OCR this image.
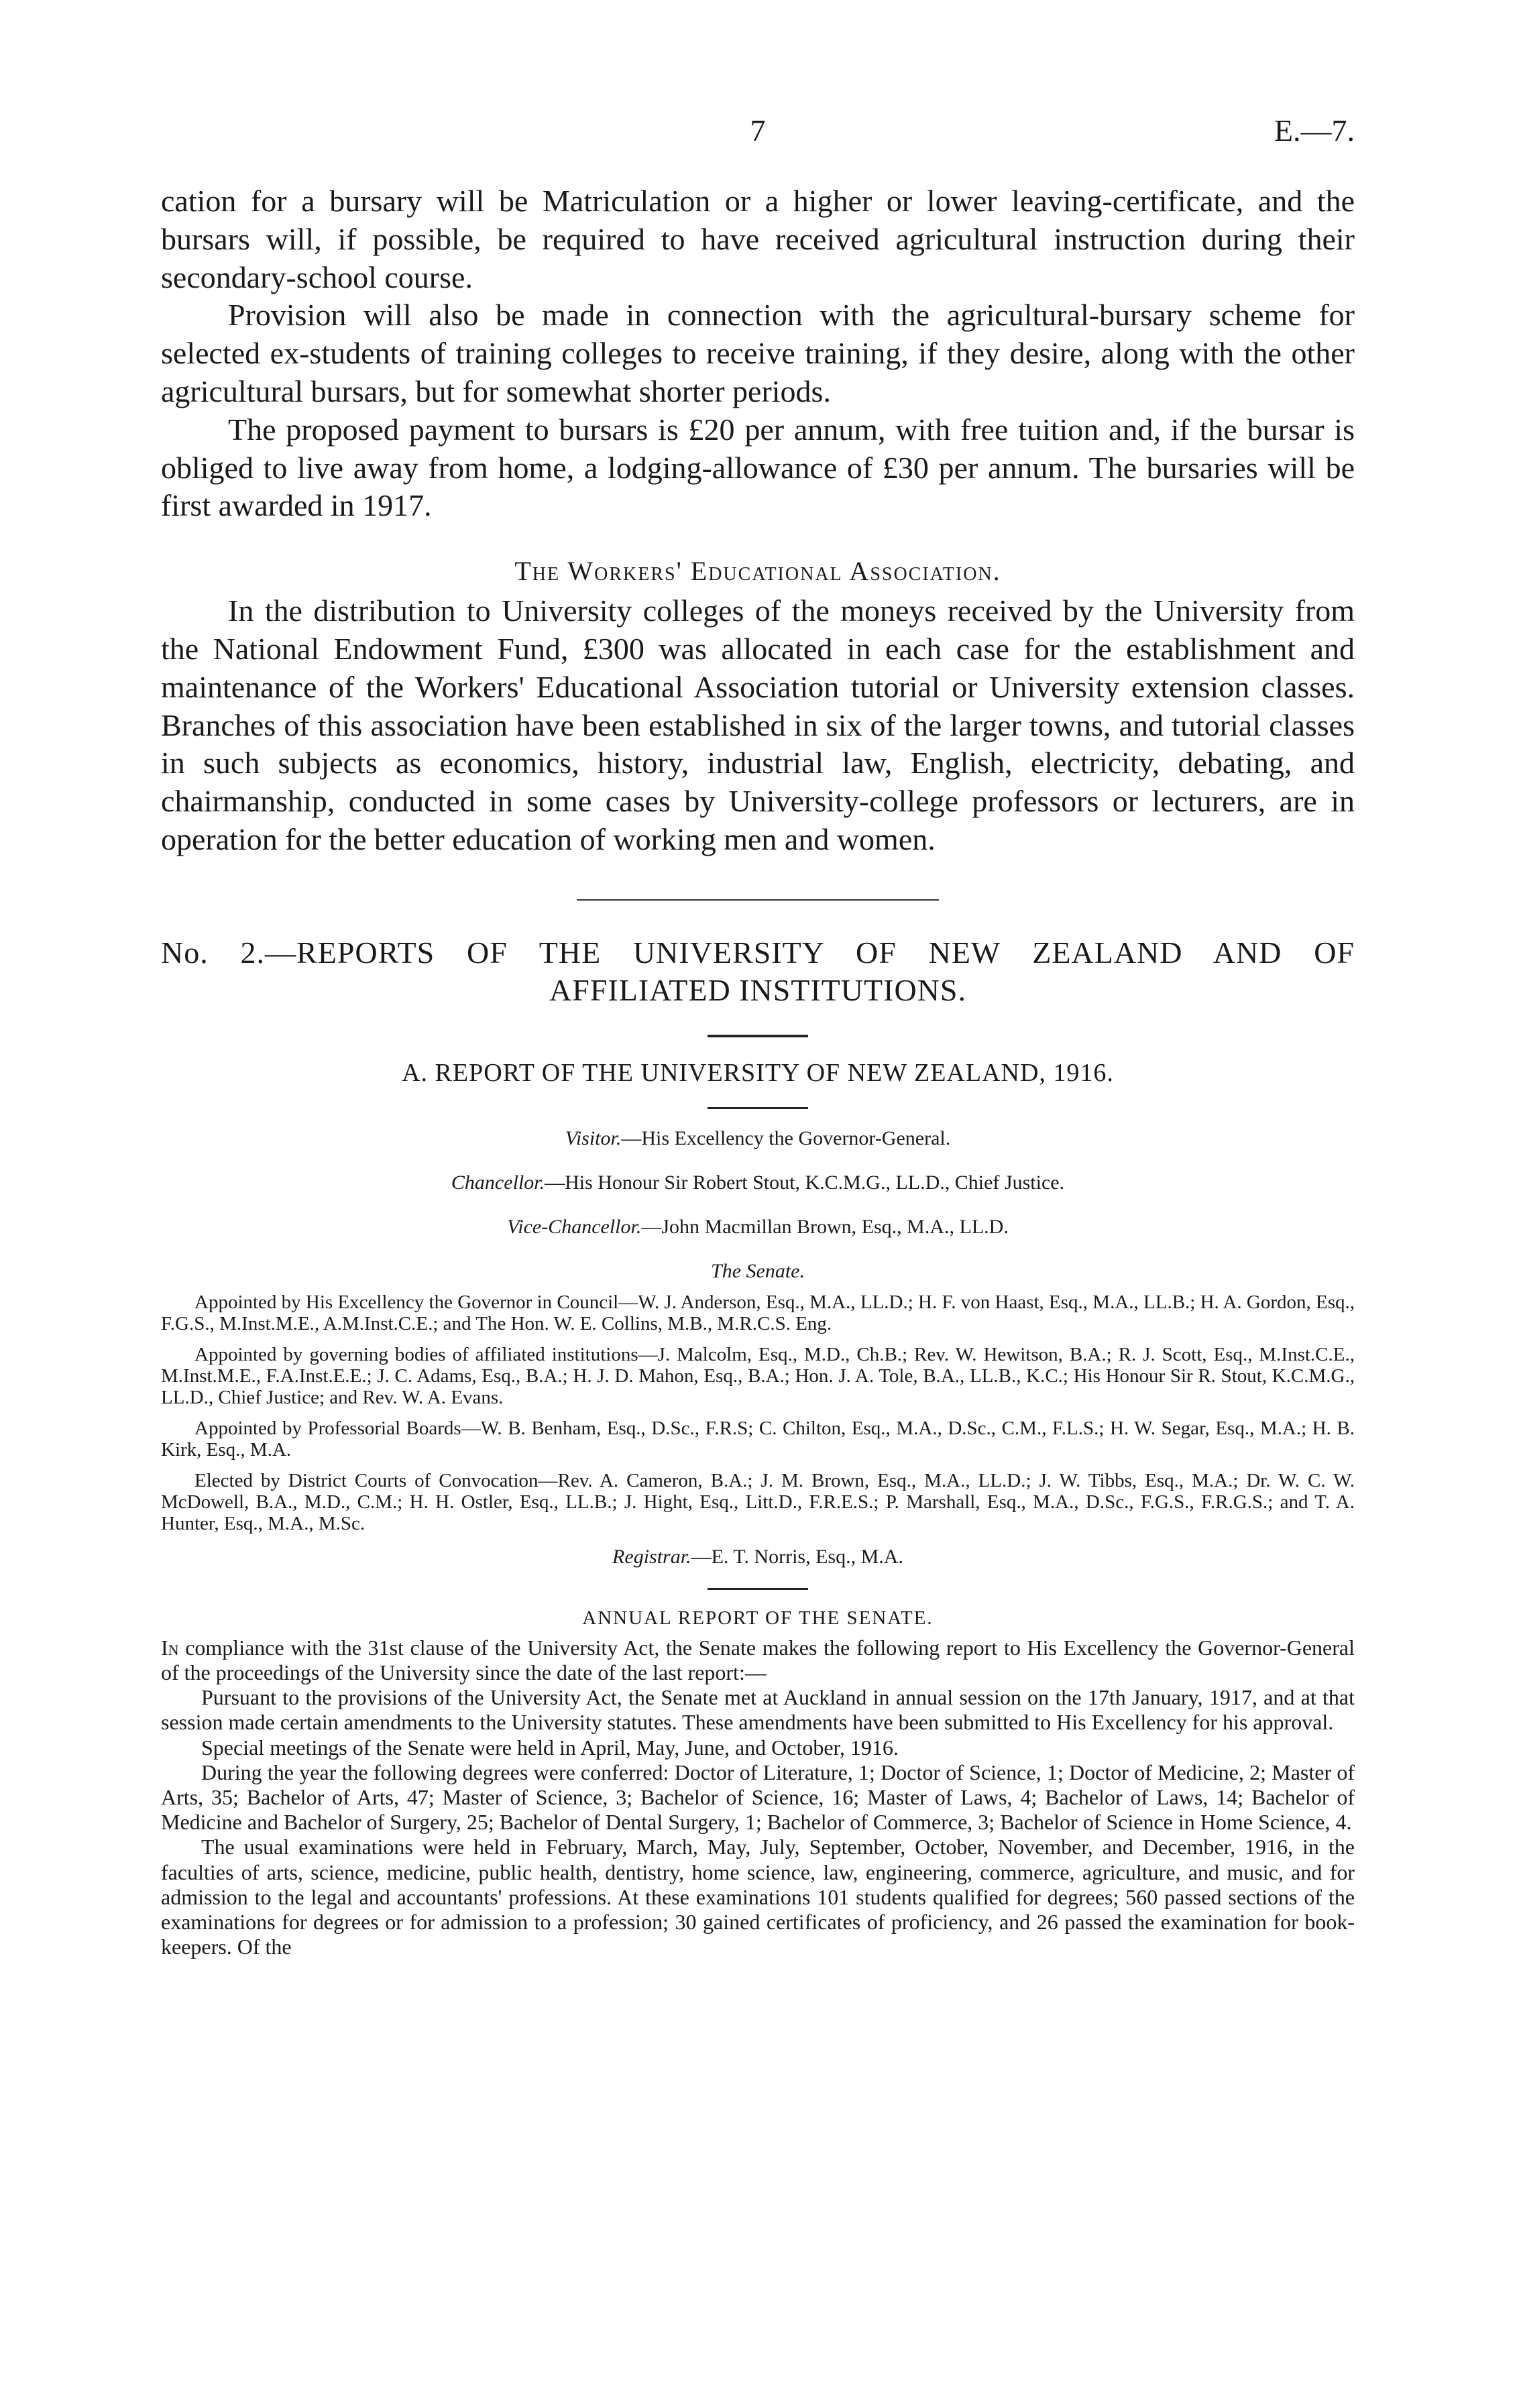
7	E.—7.

cation for a bursary will be Matriculation or a higher or lower leaving-certificate, and the bursars will, if possible, be required to have received agricultural instruction during their secondary-school course.

Provision will also be made in connection with the agricultural-bursary scheme for selected ex-students of training colleges to receive training, if they desire, along with the other agricultural bursars, but for somewhat shorter periods.

The proposed payment to bursars is £20 per annum, with free tuition and, if the bursar is obliged to live away from home, a lodging-allowance of £30 per annum. The bursaries will be first awarded in 1917.

The Workers' Educational Association.

In the distribution to University colleges of the moneys received by the University from the National Endowment Fund, £300 was allocated in each case for the establishment and maintenance of the Workers' Educational Association tutorial or University extension classes. Branches of this association have been established in six of the larger towns, and tutorial classes in such subjects as economics, history, industrial law, English, electricity, debating, and chairmanship, conducted in some cases by University-college professors or lecturers, are in operation for the better education of working men and women.

No. 2.—REPORTS OF THE UNIVERSITY OF NEW ZEALAND AND OF
AFFILIATED INSTITUTIONS.
A. REPORT OF THE UNIVERSITY OF NEW ZEALAND, 1916.
Visitor.—His Excellency the Governor-General.
Chancellor.—His Honour Sir Robert Stout, K.C.M.G., LL.D., Chief Justice.
Vice-Chancellor.—John Macmillan Brown, Esq., M.A., LL.D.
The Senate.

Appointed by His Excellency the Governor in Council—W. J. Anderson, Esq., M.A., LL.D.; H. F. von Haast, Esq., M.A., LL.B.; H. A. Gordon, Esq., F.G.S., M.Inst.M.E., A.M.Inst.C.E.; and The Hon. W. E. Collins, M.B., M.R.C.S. Eng.

Appointed by governing bodies of affiliated institutions—J. Malcolm, Esq., M.D., Ch.B.; Rev. W. Hewitson, B.A.; R. J. Scott, Esq., M.Inst.C.E., M.Inst.M.E., F.A.Inst.E.E.; J. C. Adams, Esq., B.A.; H. J. D. Mahon, Esq., B.A.; Hon. J. A. Tole, B.A., LL.B., K.C.; His Honour Sir R. Stout, K.C.M.G., LL.D., Chief Justice; and Rev. W. A. Evans.

Appointed by Professorial Boards—W. B. Benham, Esq., D.Sc., F.R.S; C. Chilton, Esq., M.A., D.Sc., C.M., F.L.S.; H. W. Segar, Esq., M.A.; H. B. Kirk, Esq., M.A.

Elected by District Courts of Convocation—Rev. A. Cameron, B.A.; J. M. Brown, Esq., M.A., LL.D.; J. W. Tibbs, Esq., M.A.; Dr. W. C. W. McDowell, B.A., M.D., C.M.; H. H. Ostler, Esq., LL.B.; J. Hight, Esq., Litt.D., F.R.E.S.; P. Marshall, Esq., M.A., D.Sc., F.G.S., F.R.G.S.; and T. A. Hunter, Esq., M.A., M.Sc.

Registrar.—E. T. Norris, Esq., M.A.
ANNUAL REPORT OF THE SENATE.

In compliance with the 31st clause of the University Act, the Senate makes the following report to His Excellency the Governor-General of the proceedings of the University since the date of the last report:—

Pursuant to the provisions of the University Act, the Senate met at Auckland in annual session on the 17th January, 1917, and at that session made certain amendments to the University statutes. These amendments have been submitted to His Excellency for his approval.

Special meetings of the Senate were held in April, May, June, and October, 1916.

During the year the following degrees were conferred: Doctor of Literature, 1; Doctor of Science, 1; Doctor of Medicine, 2; Master of Arts, 35; Bachelor of Arts, 47; Master of Science, 3; Bachelor of Science, 16; Master of Laws, 4; Bachelor of Laws, 14; Bachelor of Medicine and Bachelor of Surgery, 25; Bachelor of Dental Surgery, 1; Bachelor of Commerce, 3; Bachelor of Science in Home Science, 4.

The usual examinations were held in February, March, May, July, September, October, November, and December, 1916, in the faculties of arts, science, medicine, public health, dentistry, home science, law, engineering, commerce, agriculture, and music, and for admission to the legal and accountants' professions. At these examinations 101 students qualified for degrees; 560 passed sections of the examinations for degrees or for admission to a profession; 30 gained certificates of proficiency, and 26 passed the examination for book-keepers. Of the
